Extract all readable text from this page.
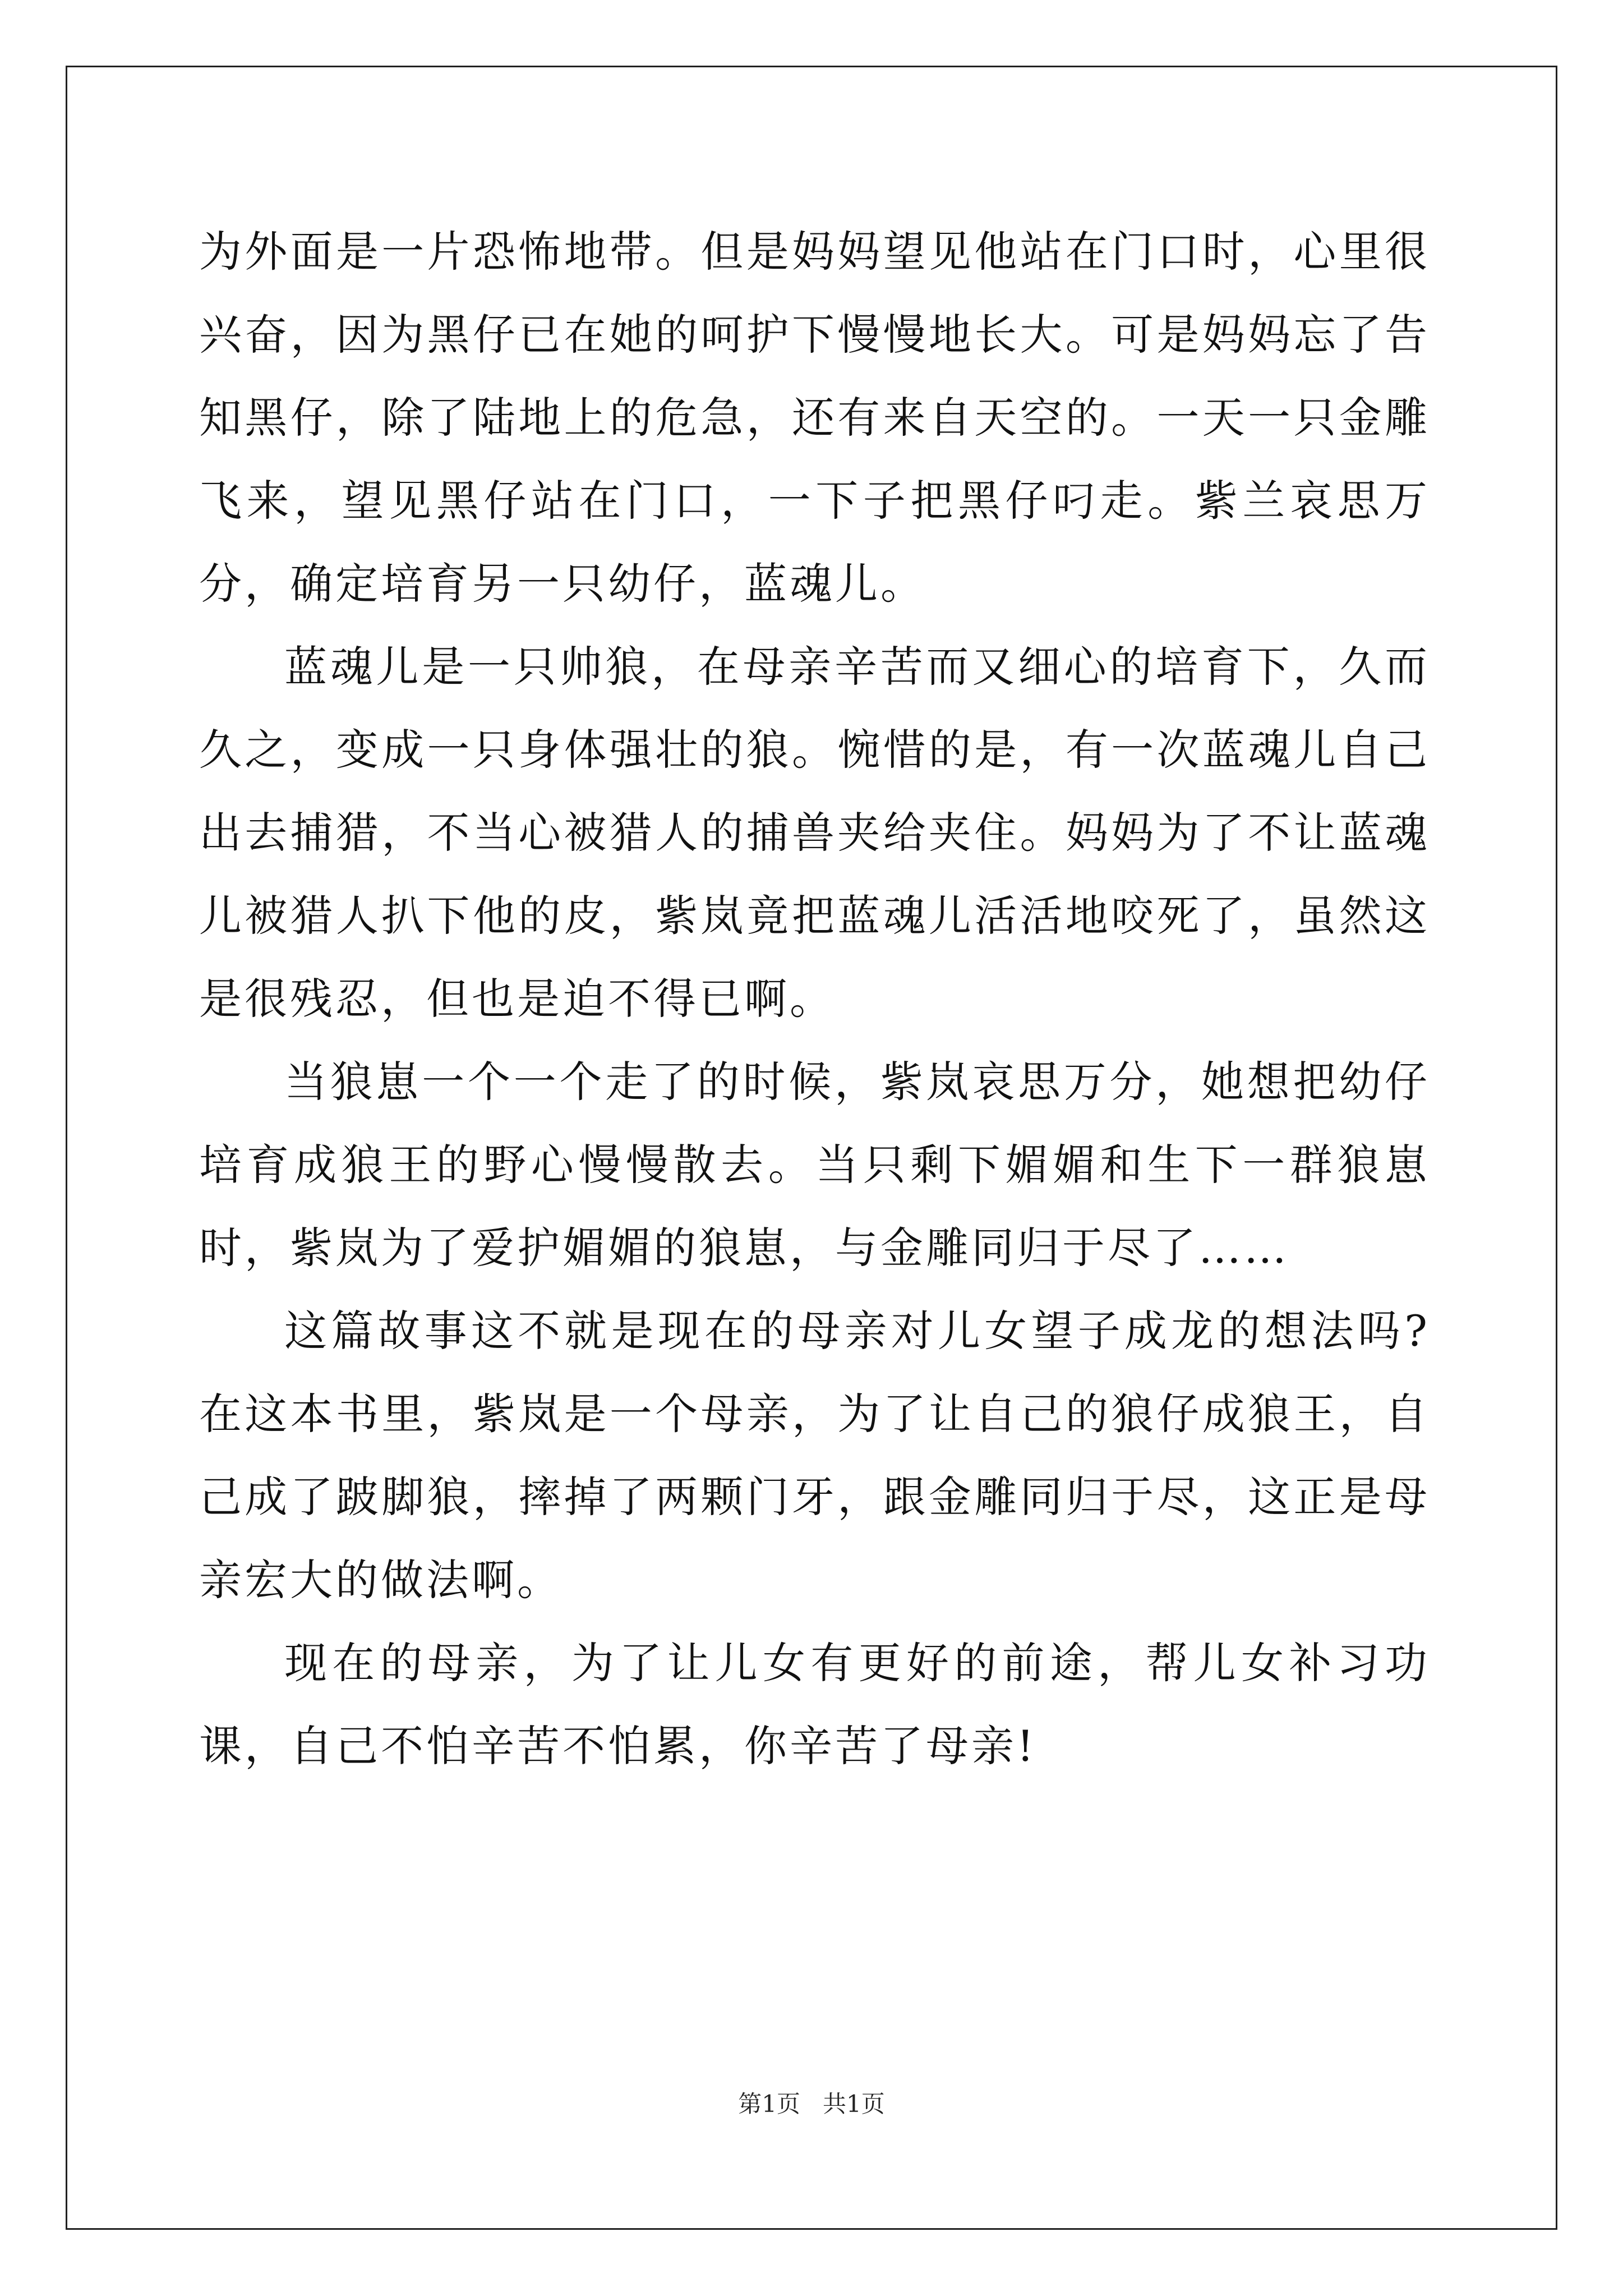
为外面是一片恐怖地带。但是妈妈望见他站在门口时，心里很兴奋，因为黑仔已在她的呵护下慢慢地长大。可是妈妈忘了告知黑仔，除了陆地上的危急，还有来自天空的。一天一只金雕飞来，望见黑仔站在门口，一下子把黑仔叼走。紫兰哀思万分，确定培育另一只幼仔，蓝魂儿。

蓝魂儿是一只帅狼，在母亲辛苦而又细心的培育下，久而久之，变成一只身体强壮的狼。惋惜的是，有一次蓝魂儿自己出去捕猎，不当心被猎人的捕兽夹给夹住。妈妈为了不让蓝魂儿被猎人扒下他的皮，紫岚竟把蓝魂儿活活地咬死了，虽然这是很残忍，但也是迫不得已啊。

当狼崽一个一个走了的时候，紫岚哀思万分，她想把幼仔培育成狼王的野心慢慢散去。当只剩下媚媚和生下一群狼崽时，紫岚为了爱护媚媚的狼崽，与金雕同归于尽了……

这篇故事这不就是现在的母亲对儿女望子成龙的想法吗?在这本书里，紫岚是一个母亲，为了让自己的狼仔成狼王，自己成了跛脚狼，摔掉了两颗门牙，跟金雕同归于尽，这正是母亲宏大的做法啊。

现在的母亲，为了让儿女有更好的前途，帮儿女补习功课，自己不怕辛苦不怕累，你辛苦了母亲!

第1页 共1页
